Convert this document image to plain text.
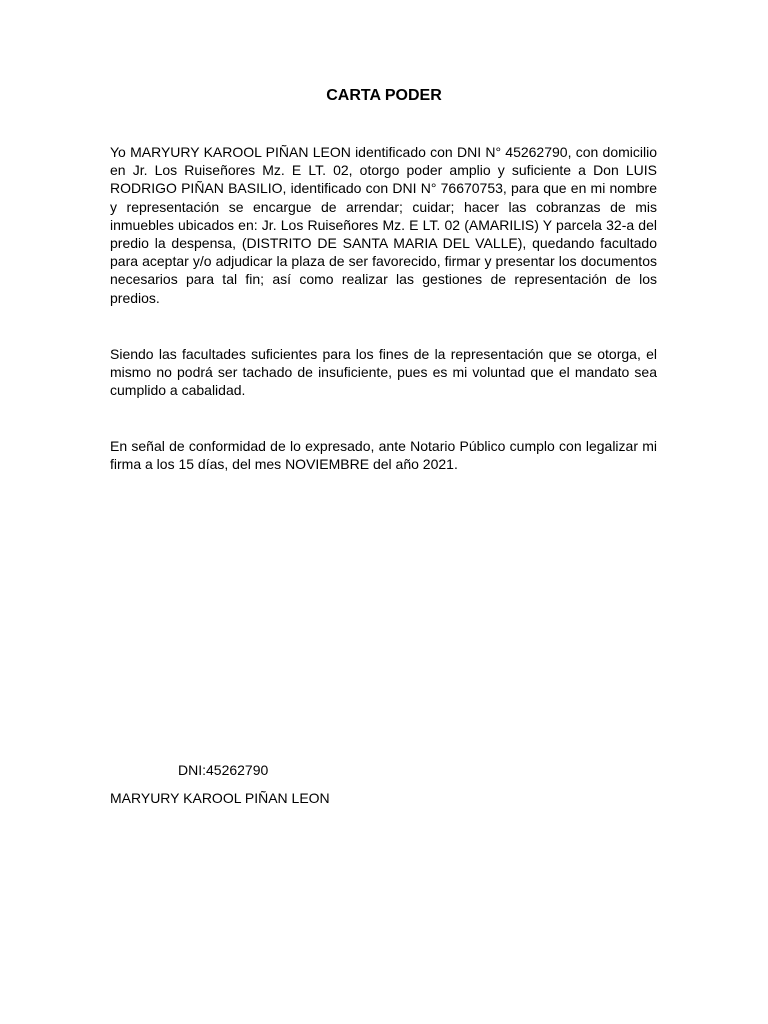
CARTA PODER
Yo MARYURY KAROOL PIÑAN LEON identificado con DNI N° 45262790, con domicilio en Jr. Los Ruiseñores Mz. E LT. 02, otorgo poder amplio y suficiente a Don LUIS RODRIGO PIÑAN BASILIO, identificado con DNI N° 76670753, para que en mi nombre y representación se encargue de arrendar; cuidar; hacer las cobranzas de mis inmuebles ubicados en: Jr. Los Ruiseñores Mz. E LT. 02 (AMARILIS) Y parcela 32-a del predio la despensa, (DISTRITO DE SANTA MARIA DEL VALLE), quedando facultado para aceptar y/o adjudicar la plaza de ser favorecido, firmar y presentar los documentos necesarios para tal fin; así como realizar las gestiones de representación de los predios.
Siendo las facultades suficientes para los fines de la representación que se otorga, el mismo no podrá ser tachado de insuficiente, pues es mi voluntad que el mandato sea cumplido a cabalidad.
En señal de conformidad de lo expresado, ante Notario Público cumplo con legalizar mi firma a los 15 días, del mes NOVIEMBRE del año 2021.
DNI:45262790
MARYURY KAROOL PIÑAN LEON
